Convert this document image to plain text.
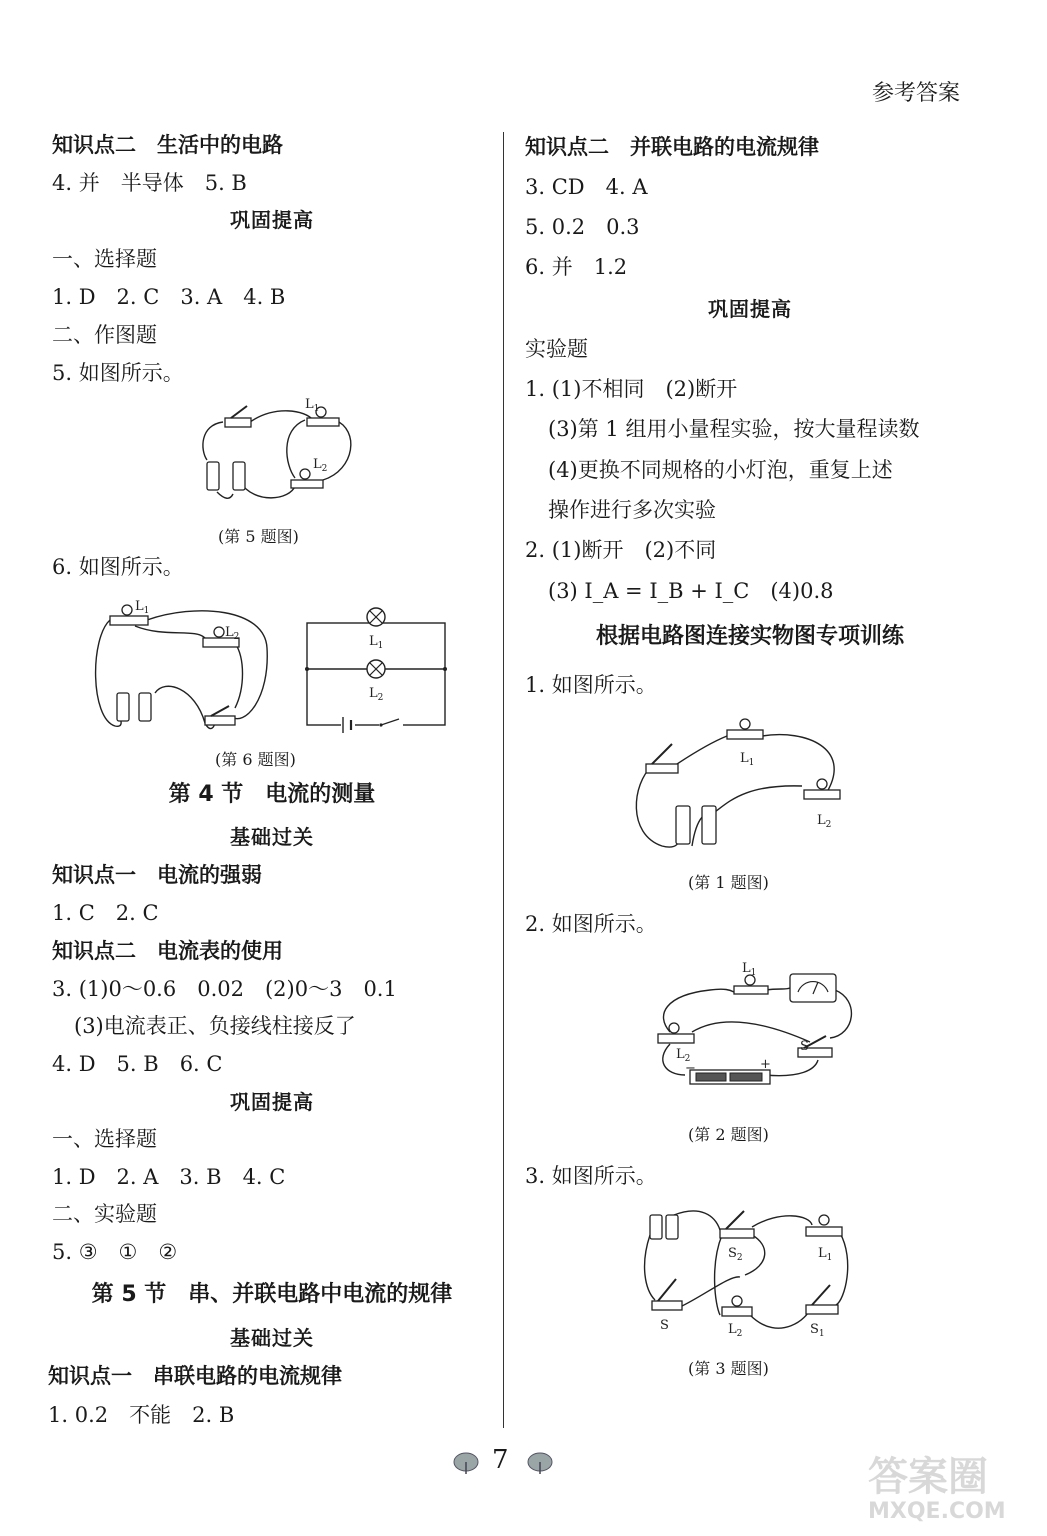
参考答案
知识点二　生活中的电路
4. 并　半导体　5. B
巩固提高
一、选择题
1. D　2. C　3. A　4. B
二、作图题
5. 如图所示。
$L_1$
$L_2$
(第 5 题图)
6. 如图所示。
$L_1$
$L_2$	$L_1$
$L_2$
(第 6 题图)
第 4 节　电流的测量
基础过关
知识点一　电流的强弱
1. C　2. C
知识点二　电流表的使用
3. (1)0～0.6　0.02　(2)0～3　0.1
(3)电流表正、负接线柱接反了
4. D　5. B　6. C
巩固提高
一、选择题
1. D　2. A　3. B　4. C
二、实验题
5. ③　①　②
第 5 节　串、并联电路中电流的规律
基础过关
知识点一　串联电路的电流规律
1. 0.2　不能　2. B
知识点二　并联电路的电流规律
3. CD　4. A
5. 0.2　0.3
6. 并　1.2
巩固提高
实验题
1. (1)不相同　(2)断开
(3)第 1 组用小量程实验，按大量程读数
(4)更换不同规格的小灯泡，重复上述
操作进行多次实验
2. (1)断开　(2)不同
(3) I_A = I_B + I_C　(4)0.8
根据电路图连接实物图专项训练
1. 如图所示。
$L_1$
$L_2$
(第 1 题图)
2. 如图所示。
$L_1$
$L_2$
S
−	+
(第 2 题图)
3. 如图所示。
$S_2$	$L_1$
S	$L_2$	$S_1$
(第 3 题图)
7	答案圈
MXQE.COM
